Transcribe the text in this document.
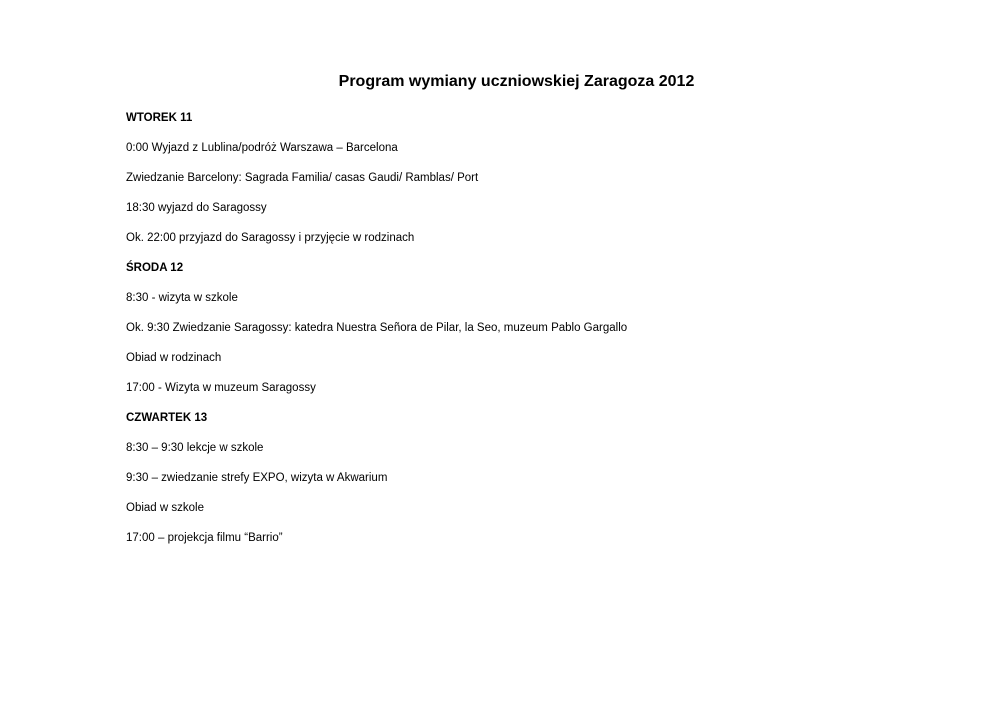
Program wymiany uczniowskiej Zaragoza 2012
WTOREK 11
0:00 Wyjazd z Lublina/podróż Warszawa – Barcelona
Zwiedzanie Barcelony: Sagrada Familia/ casas Gaudi/ Ramblas/ Port
18:30 wyjazd do Saragossy
Ok. 22:00 przyjazd do Saragossy i przyjęcie w rodzinach
ŚRODA 12
8:30 - wizyta w szkole
Ok. 9:30 Zwiedzanie Saragossy: katedra Nuestra Señora de Pilar, la Seo, muzeum Pablo Gargallo
Obiad w rodzinach
17:00 - Wizyta w muzeum Saragossy
CZWARTEK 13
8:30 – 9:30 lekcje w szkole
9:30 – zwiedzanie strefy EXPO, wizyta w Akwarium
Obiad w szkole
17:00 – projekcja filmu “Barrio”
